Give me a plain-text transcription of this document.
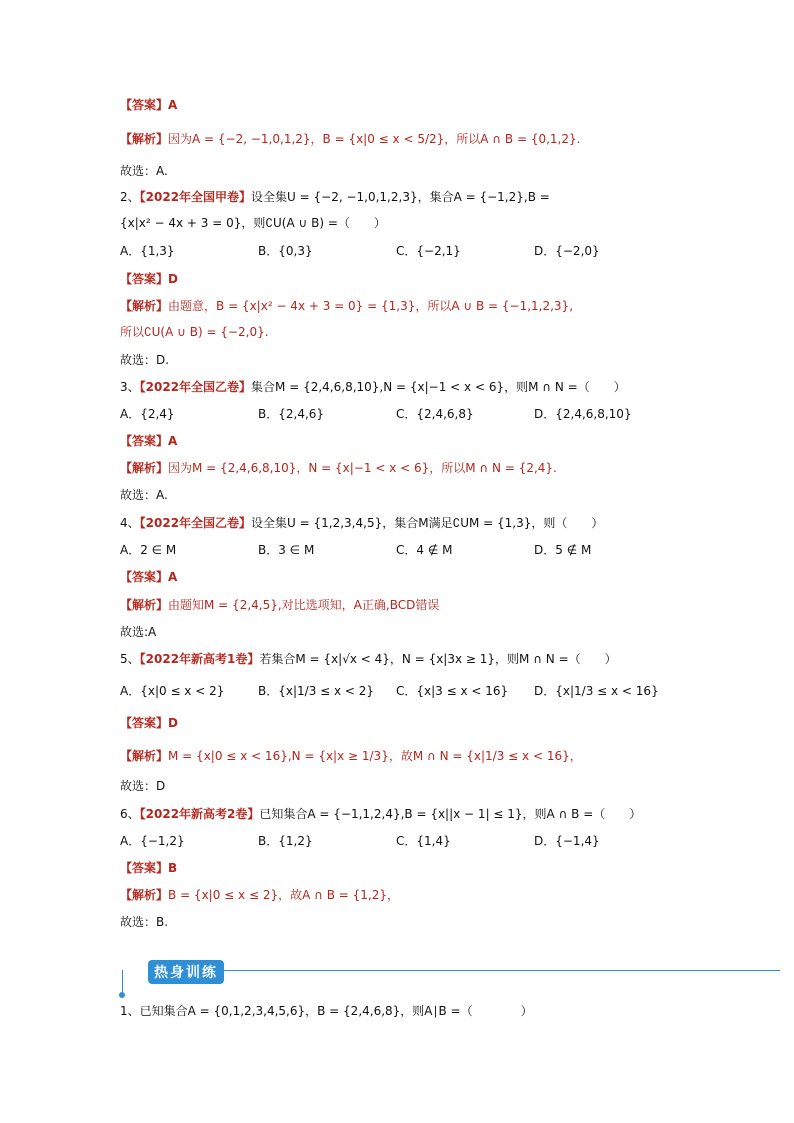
【答案】A
【解析】因为A = {−2, −1,0,1,2}，B = {x|0 ≤ x < 5/2}，所以A ∩ B = {0,1,2}.
故选：A.
2、【2022年全国甲卷】设全集U = {−2, −1,0,1,2,3}，集合A = {−1,2},B =
{x|x² − 4x + 3 = 0}，则∁U(A ∪ B) =（　　）
【答案】D
【解析】由题意，B = {x|x² − 4x + 3 = 0} = {1,3}，所以A ∪ B = {−1,1,2,3},
所以∁U(A ∪ B) = {−2,0}.
故选：D.
3、【2022年全国乙卷】集合M = {2,4,6,8,10},N = {x|−1 < x < 6}，则M ∩ N =（　　）
【答案】A
【解析】因为M = {2,4,6,8,10}，N = {x|−1 < x < 6}，所以M ∩ N = {2,4}.
故选：A.
4、【2022年全国乙卷】设全集U = {1,2,3,4,5}，集合M满足∁UM = {1,3}，则（　　）
【答案】A
【解析】由题知M = {2,4,5},对比选项知，A正确,BCD错误
故选:A
5、【2022年新高考1卷】若集合M = {x|√x < 4}，N = {x|3x ≥ 1}，则M ∩ N =（　　）
【答案】D
【解析】M = {x|0 ≤ x < 16},N = {x|x ≥ 1/3}，故M ∩ N = {x|1/3 ≤ x < 16}，
故选：D
6、【2022年新高考2卷】已知集合A = {−1,1,2,4},B = {x||x − 1| ≤ 1}，则A ∩ B =（　　）
【答案】B
【解析】B = {x|0 ≤ x ≤ 2}，故A ∩ B = {1,2}，
故选：B.
1、已知集合A = {0,1,2,3,4,5,6}，B = {2,4,6,8}，则A∣B =（　　　　）
A．{1,3}	B．{0,3}	C．{−2,1}	D．{−2,0}
A．{2,4}	B．{2,4,6}	C．{2,4,6,8}	D．{2,4,6,8,10}
A．2 ∈ M	B．3 ∈ M	C．4 ∉ M	D．5 ∉ M
A．{x|0 ≤ x < 2}	B．{x|1/3 ≤ x < 2} C．{x|3 ≤ x < 16} D．{x|1/3 ≤ x < 16}
A．{−1,2}	B．{1,2}	C．{1,4}	D．{−1,4}
热身训练
